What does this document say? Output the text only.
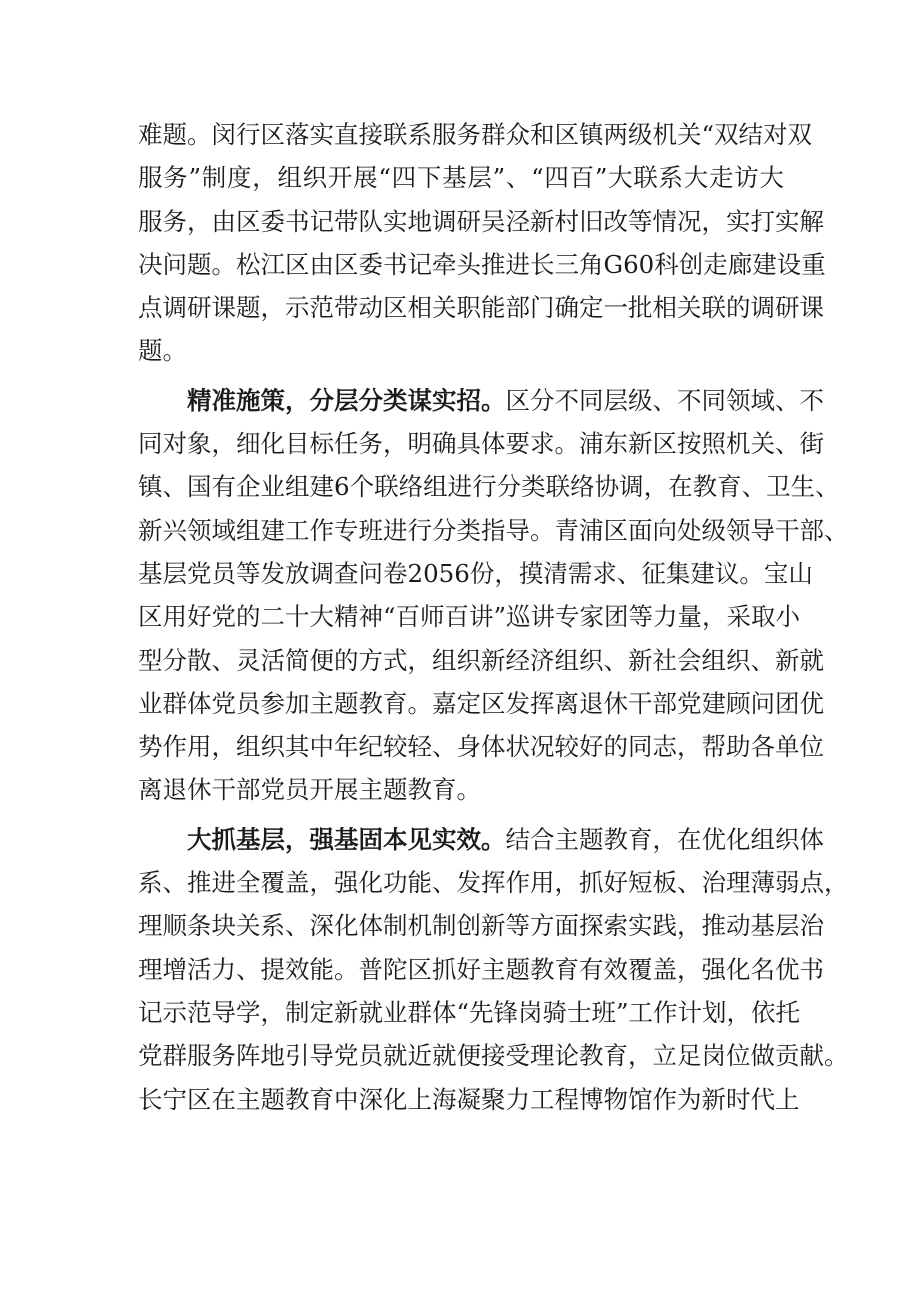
难题。闵行区落实直接联系服务群众和区镇两级机关“双结对双
服务”制度，组织开展“四下基层”、“四百”大联系大走访大
服务，由区委书记带队实地调研吴泾新村旧改等情况，实打实解
决问题。松江区由区委书记牵头推进长三角G60科创走廊建设重
点调研课题，示范带动区相关职能部门确定一批相关联的调研课
题。
精准施策，分层分类谋实招。区分不同层级、不同领域、不
同对象，细化目标任务，明确具体要求。浦东新区按照机关、街
镇、国有企业组建6个联络组进行分类联络协调，在教育、卫生、
新兴领域组建工作专班进行分类指导。青浦区面向处级领导干部、
基层党员等发放调查问卷2056份，摸清需求、征集建议。宝山
区用好党的二十大精神“百师百讲”巡讲专家团等力量，采取小
型分散、灵活简便的方式，组织新经济组织、新社会组织、新就
业群体党员参加主题教育。嘉定区发挥离退休干部党建顾问团优
势作用，组织其中年纪较轻、身体状况较好的同志，帮助各单位
离退休干部党员开展主题教育。
大抓基层，强基固本见实效。结合主题教育，在优化组织体
系、推进全覆盖，强化功能、发挥作用，抓好短板、治理薄弱点，
理顺条块关系、深化体制机制创新等方面探索实践，推动基层治
理增活力、提效能。普陀区抓好主题教育有效覆盖，强化名优书
记示范导学，制定新就业群体“先锋岗骑士班”工作计划，依托
党群服务阵地引导党员就近就便接受理论教育，立足岗位做贡献。
长宁区在主题教育中深化上海凝聚力工程博物馆作为新时代上
